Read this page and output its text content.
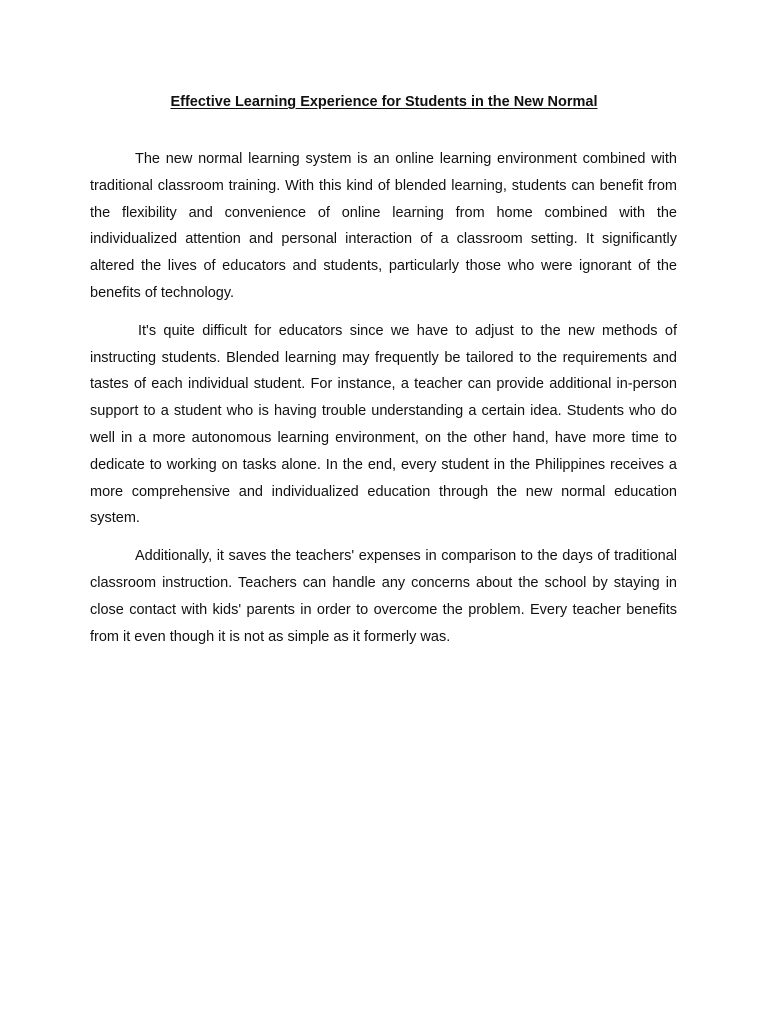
Effective Learning Experience for Students in the New Normal

The new normal learning system is an online learning environment combined with traditional classroom training. With this kind of blended learning, students can benefit from the flexibility and convenience of online learning from home combined with the individualized attention and personal interaction of a classroom setting. It significantly altered the lives of educators and students, particularly those who were ignorant of the benefits of technology.

It's quite difficult for educators since we have to adjust to the new methods of instructing students. Blended learning may frequently be tailored to the requirements and tastes of each individual student. For instance, a teacher can provide additional in-person support to a student who is having trouble understanding a certain idea. Students who do well in a more autonomous learning environment, on the other hand, have more time to dedicate to working on tasks alone. In the end, every student in the Philippines receives a more comprehensive and individualized education through the new normal education system.

Additionally, it saves the teachers' expenses in comparison to the days of traditional classroom instruction. Teachers can handle any concerns about the school by staying in close contact with kids' parents in order to overcome the problem. Every teacher benefits from it even though it is not as simple as it formerly was.
